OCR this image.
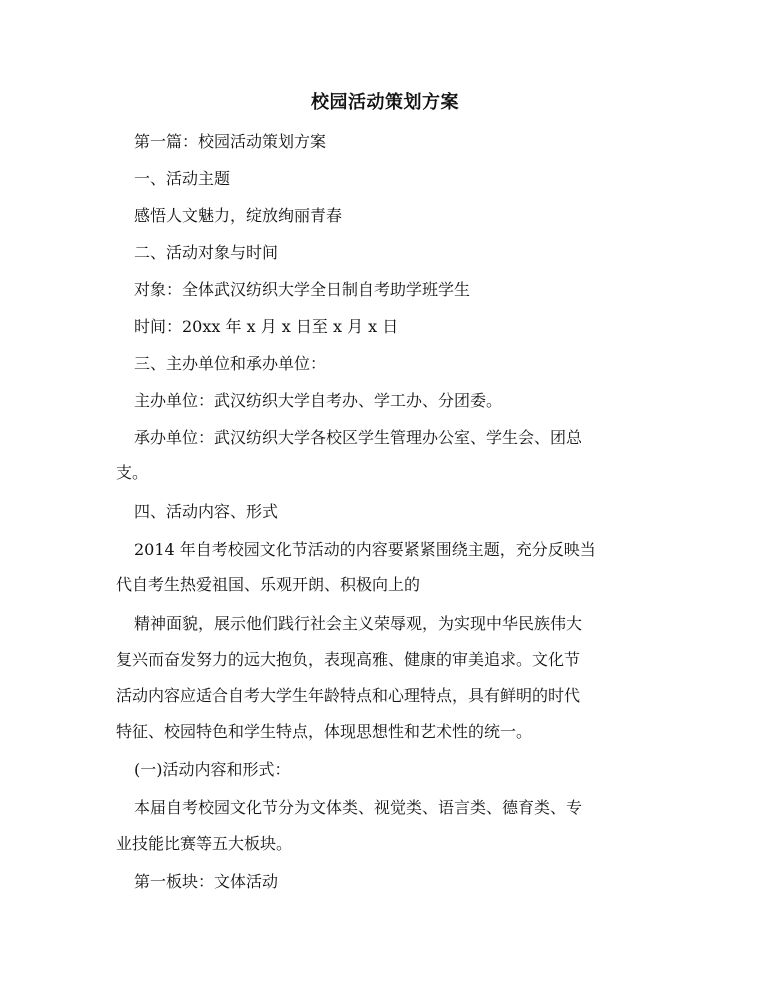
校园活动策划方案
第一篇：校园活动策划方案
一、活动主题
感悟人文魅力，绽放绚丽青春
二、活动对象与时间
对象：全体武汉纺织大学全日制自考助学班学生
时间：20xx 年 x 月 x 日至 x 月 x 日
三、主办单位和承办单位：
主办单位：武汉纺织大学自考办、学工办、分团委。
承办单位：武汉纺织大学各校区学生管理办公室、学生会、团总
支。
四、活动内容、形式
2014 年自考校园文化节活动的内容要紧紧围绕主题，充分反映当
代自考生热爱祖国、乐观开朗、积极向上的
精神面貌，展示他们践行社会主义荣辱观，为实现中华民族伟大
复兴而奋发努力的远大抱负，表现高雅、健康的审美追求。文化节
活动内容应适合自考大学生年龄特点和心理特点，具有鲜明的时代
特征、校园特色和学生特点，体现思想性和艺术性的统一。
(一)活动内容和形式：
本届自考校园文化节分为文体类、视觉类、语言类、德育类、专
业技能比赛等五大板块。
第一板块：文体活动
